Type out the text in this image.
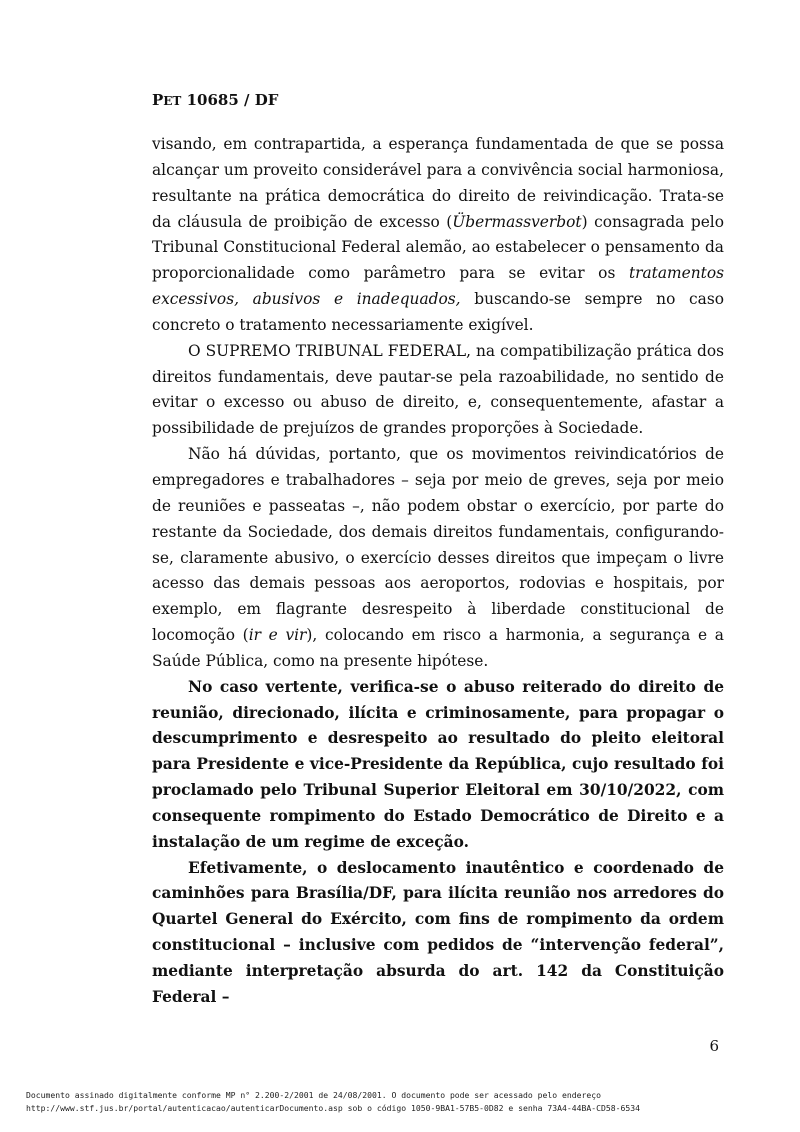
PET 10685 / DF

visando, em contrapartida, a esperança fundamentada de que se possa alcançar um proveito considerável para a convivência social harmoniosa, resultante na prática democrática do direito de reivindicação. Trata-se da cláusula de proibição de excesso (Übermassverbot) consagrada pelo Tribunal Constitucional Federal alemão, ao estabelecer o pensamento da proporcionalidade como parâmetro para se evitar os tratamentos excessivos, abusivos e inadequados, buscando-se sempre no caso concreto o tratamento necessariamente exigível.

O SUPREMO TRIBUNAL FEDERAL, na compatibilização prática dos direitos fundamentais, deve pautar-se pela razoabilidade, no sentido de evitar o excesso ou abuso de direito, e, consequentemente, afastar a possibilidade de prejuízos de grandes proporções à Sociedade.

Não há dúvidas, portanto, que os movimentos reivindicatórios de empregadores e trabalhadores – seja por meio de greves, seja por meio de reuniões e passeatas –, não podem obstar o exercício, por parte do restante da Sociedade, dos demais direitos fundamentais, configurando-se, claramente abusivo, o exercício desses direitos que impeçam o livre acesso das demais pessoas aos aeroportos, rodovias e hospitais, por exemplo, em flagrante desrespeito à liberdade constitucional de locomoção (ir e vir), colocando em risco a harmonia, a segurança e a Saúde Pública, como na presente hipótese.

No caso vertente, verifica-se o abuso reiterado do direito de reunião, direcionado, ilícita e criminosamente, para propagar o descumprimento e desrespeito ao resultado do pleito eleitoral para Presidente e vice-Presidente da República, cujo resultado foi proclamado pelo Tribunal Superior Eleitoral em 30/10/2022, com consequente rompimento do Estado Democrático de Direito e a instalação de um regime de exceção.

Efetivamente, o deslocamento inautêntico e coordenado de caminhões para Brasília/DF, para ilícita reunião nos arredores do Quartel General do Exército, com fins de rompimento da ordem constitucional – inclusive com pedidos de “intervenção federal”, mediante interpretação absurda do art. 142 da Constituição Federal –

6
Documento assinado digitalmente conforme MP n° 2.200-2/2001 de 24/08/2001. O documento pode ser acessado pelo endereço
http://www.stf.jus.br/portal/autenticacao/autenticarDocumento.asp sob o código 1050-9BA1-57B5-0D82 e senha 73A4-44BA-CD58-6534
